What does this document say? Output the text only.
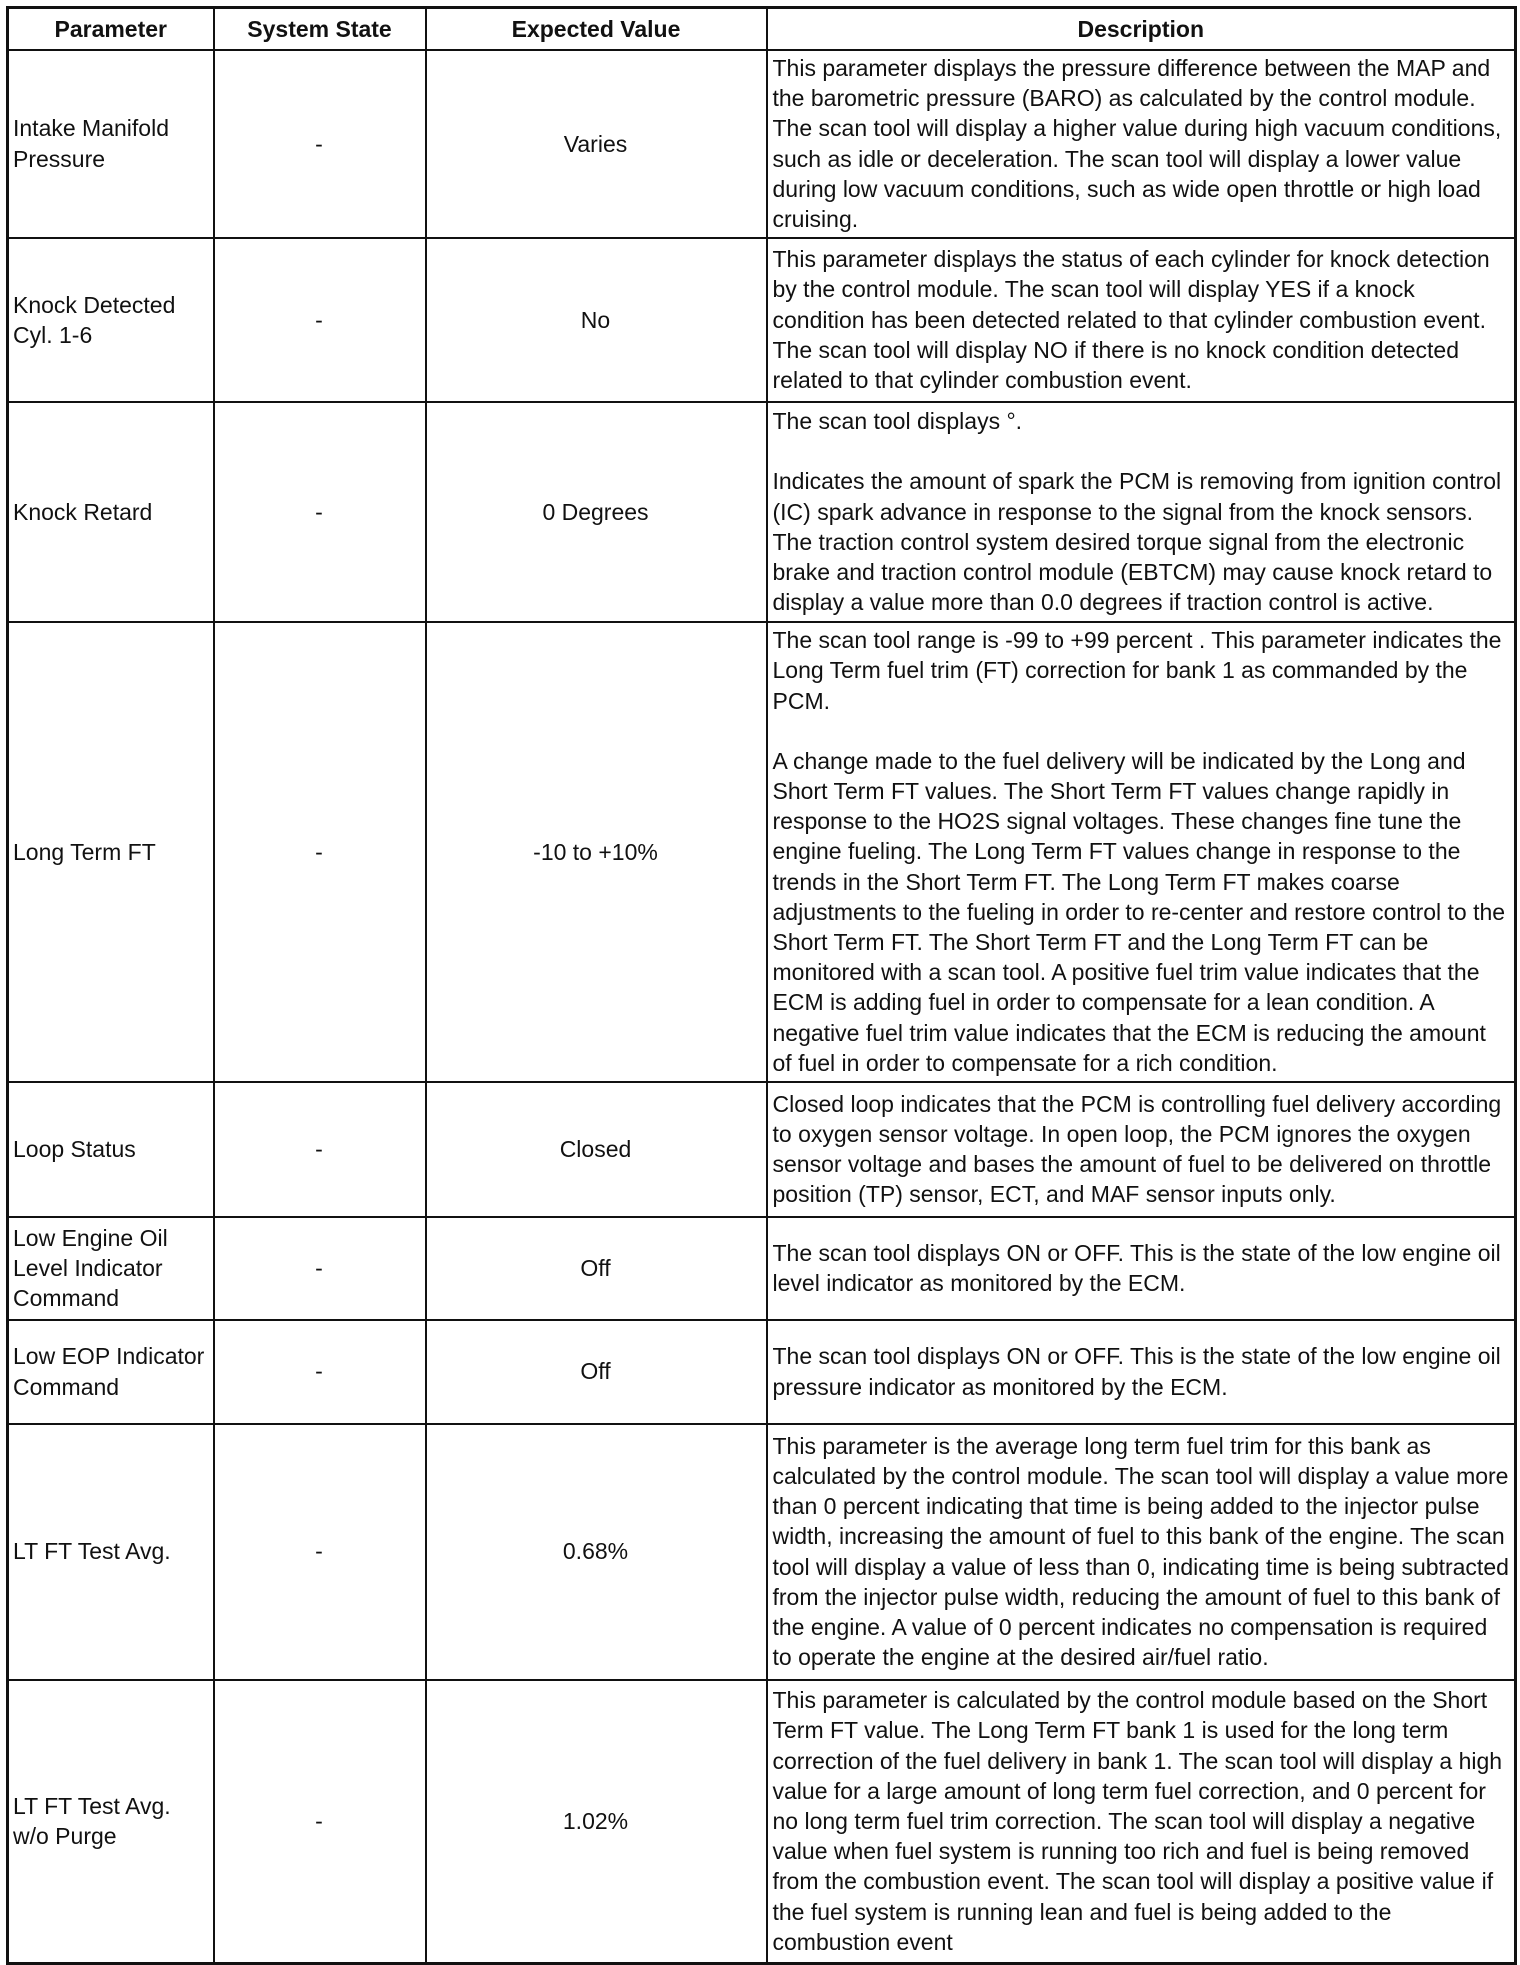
Parameter	System State	Expected Value	Description
Intake Manifold Pressure	-	Varies	This parameter displays the pressure difference between the MAP and the barometric pressure (BARO) as calculated by the control module. The scan tool will display a higher value during high vacuum conditions, such as idle or deceleration. The scan tool will display a lower value during low vacuum conditions, such as wide open throttle or high load cruising.

Knock Detected Cyl. 1-6	-	No	This parameter displays the status of each cylinder for knock detection by the control module. The scan tool will display YES if a knock condition has been detected related to that cylinder combustion event. The scan tool will display NO if there is no knock condition detected related to that cylinder combustion event.

Knock Retard	-	0 Degrees	The scan tool displays °.

Indicates the amount of spark the PCM is removing from ignition control (IC) spark advance in response to the signal from the knock sensors. The traction control system desired torque signal from the electronic brake and traction control module (EBTCM) may cause knock retard to display a value more than 0.0 degrees if traction control is active.

Long Term FT	-	-10 to +10%	The scan tool range is -99 to +99 percent . This parameter indicates the Long Term fuel trim (FT) correction for bank 1 as commanded by the PCM.

A change made to the fuel delivery will be indicated by the Long and Short Term FT values. The Short Term FT values change rapidly in response to the HO2S signal voltages. These changes fine tune the engine fueling. The Long Term FT values change in response to the trends in the Short Term FT. The Long Term FT makes coarse adjustments to the fueling in order to re-center and restore control to the Short Term FT. The Short Term FT and the Long Term FT can be monitored with a scan tool. A positive fuel trim value indicates that the ECM is adding fuel in order to compensate for a lean condition. A negative fuel trim value indicates that the ECM is reducing the amount of fuel in order to compensate for a rich condition.

Loop Status	-	Closed	Closed loop indicates that the PCM is controlling fuel delivery according to oxygen sensor voltage. In open loop, the PCM ignores the oxygen sensor voltage and bases the amount of fuel to be delivered on throttle position (TP) sensor, ECT, and MAF sensor inputs only.

Low Engine Oil Level Indicator Command	-	Off	The scan tool displays ON or OFF. This is the state of the low engine oil level indicator as monitored by the ECM.

Low EOP Indicator Command	-	Off	The scan tool displays ON or OFF. This is the state of the low engine oil pressure indicator as monitored by the ECM.

LT FT Test Avg.	-	0.68%	This parameter is the average long term fuel trim for this bank as calculated by the control module. The scan tool will display a value more than 0 percent indicating that time is being added to the injector pulse width, increasing the amount of fuel to this bank of the engine. The scan tool will display a value of less than 0, indicating time is being subtracted from the injector pulse width, reducing the amount of fuel to this bank of the engine. A value of 0 percent indicates no compensation is required to operate the engine at the desired air/fuel ratio.

LT FT Test Avg. w/o Purge	-	1.02%	This parameter is calculated by the control module based on the Short Term FT value. The Long Term FT bank 1 is used for the long term correction of the fuel delivery in bank 1. The scan tool will display a high value for a large amount of long term fuel correction, and 0 percent for no long term fuel trim correction. The scan tool will display a negative value when fuel system is running too rich and fuel is being removed from the combustion event. The scan tool will display a positive value if the fuel system is running lean and fuel is being added to the combustion event
